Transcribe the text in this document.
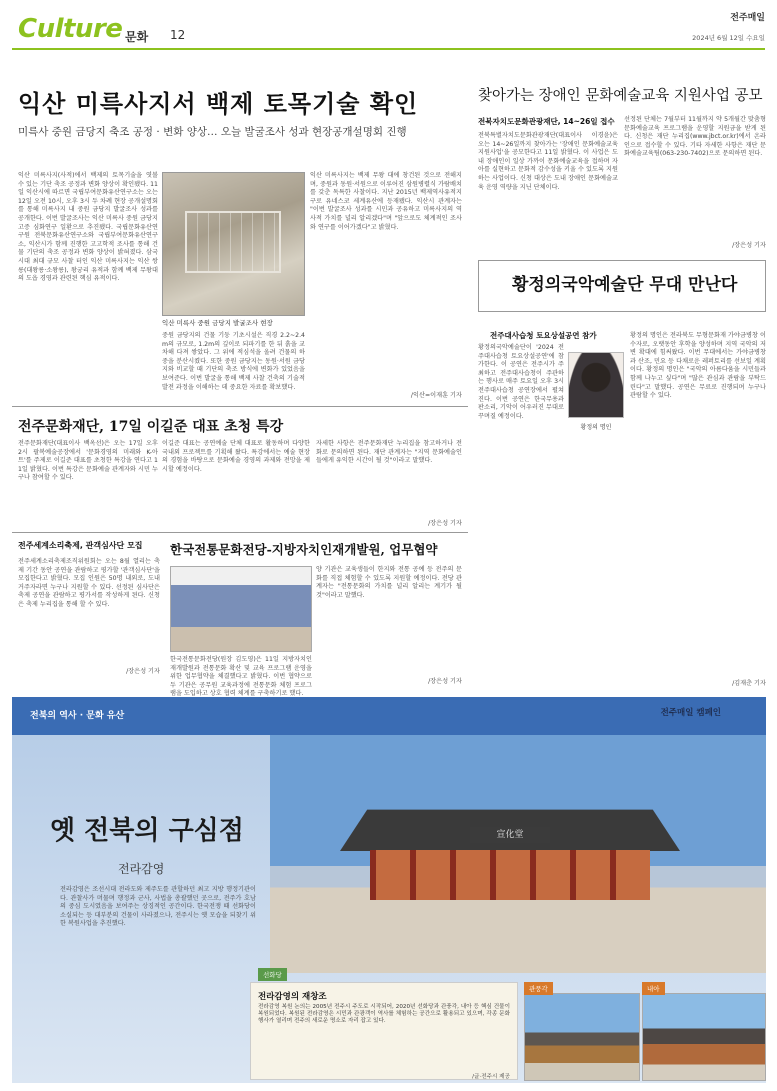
Culture 문화 12
전주매일
2024년 6월 12일 수요일
익산 미륵사지서 백제 토목기술 확인
미륵사 중원 금당지 축조 공정 · 변화 양상… 오늘 발굴조사 성과 현장공개설명회 진행
익산 미륵사지(사적)에서 백제의 토목기술을 엿볼 수 있는 기단 축조 공정과 변화 양상이 확인됐다. 11일 익산시에 따르면 국립부여문화유산연구소는 오는 12일 오전 10시, 오후 3시 두 차례 현장 공개설명회를 통해 미륵사지 내 중원 금당지 발굴조사 성과를 공개한다. 이번 발굴조사는 익산 미륵사 중원 금당지 고증 심화연구 일환으로 추진됐다. 국립문화유산연구원 전북문화유산연구소와 국립부여문화유산연구소, 익산시가 함께 진행한 고고학적 조사를 통해 건물 기단의 축조 공정과 변화 양상이 밝혀졌다. 삼국시대 최대 규모 사찰 터인 익산 미륵사지는 익산 쌍릉(대왕릉·소왕릉), 왕궁리 유적과 함께 백제 무왕대의 도읍 경영과 관련된 핵심 유적이다.
익산 미륵사 중원 금당지 발굴조사 현장
중원 금당지의 건물 기둥 기초시설은 직경 2.2~2.4m의 규모로, 1.2m의 깊이로 되파기를 한 뒤 흙을 교차해 다져 쌓았다. 그 위에 적심석을 올려 건물의 하중을 분산시켰다. 또한 중원 금당지는 동원·서원 금당지와 비교할 때 기단의 축조 방식에 변화가 있었음을 보여준다. 이번 발굴을 통해 백제 사찰 건축의 기술적 발전 과정을 이해하는 데 중요한 자료를 확보했다.
익산 미륵사지는 백제 무왕 대에 창건된 것으로 전해지며, 중원과 동원·서원으로 이루어진 삼원병렬식 가람배치를 갖춘 독특한 사찰이다. 지난 2015년 백제역사유적지구로 유네스코 세계유산에 등재됐다. 익산시 관계자는 "이번 발굴조사 성과를 시민과 공유하고 미륵사지의 역사적 가치를 널리 알리겠다"며 "앞으로도 체계적인 조사와 연구를 이어가겠다"고 밝혔다.
/익산=이재훈 기자
찾아가는 장애인 문화예술교육 지원사업 공모
전북자치도문화관광재단, 14~26일 접수
전북특별자치도문화관광재단(대표이사 이경윤)은 오는 14~26일까지 찾아가는 '장애인 문화예술교육 지원사업'을 공모한다고 11일 밝혔다. 이 사업은 도내 장애인이 일상 가까이 문화예술교육을 접하며 자아를 실현하고 문화적 감수성을 키울 수 있도록 지원하는 사업이다. 신청 대상은 도내 장애인 문화예술교육 운영 역량을 지닌 단체이다.
선정된 단체는 7월부터 11월까지 약 5개월간 맞춤형 문화예술교육 프로그램을 운영할 지원금을 받게 된다. 신청은 재단 누리집(www.jbct.or.kr)에서 온라인으로 접수할 수 있다. 기타 자세한 사항은 재단 문화예술교육팀(063-230-7402)으로 문의하면 된다.
/장은성 기자
황정의국악예술단 무대 만난다
전주대사습청 토요상설공연 참가
황정의국악예술단이 '2024 전주대사습청 토요상설공연'에 참가한다. 이 공연은 전주시가 주최하고 전주대사습청이 주관하는 행사로 매주 토요일 오후 3시 전주대사습청 공연장에서 펼쳐진다. 이번 공연은 한국무용과 판소리, 기악이 어우러진 무대로 꾸며질 예정이다.
황정의 명인
황정의 명인은 전라북도 무형문화재 가야금병창 이수자로, 오랫동안 후학을 양성하며 지역 국악의 저변 확대에 힘써왔다. 이번 무대에서는 가야금병창과 산조, 민요 등 다채로운 레퍼토리를 선보일 계획이다. 황정의 명인은 "국악의 아름다움을 시민들과 함께 나누고 싶다"며 "많은 관심과 관람을 부탁드린다"고 말했다. 공연은 무료로 진행되며 누구나 관람할 수 있다.
/김재춘 기자
전주문화재단, 17일 이길준 대표 초청 특강
전주문화재단(대표이사 백옥선)은 오는 17일 오후 2시 팔복예술공장에서 '문화경영의 미래와 K-아트'를 주제로 이길준 대표를 초청한 특강을 연다고 11일 밝혔다. 이번 특강은 문화예술 관계자와 시민 누구나 참여할 수 있다.
이길준 대표는 공연예술 단체 대표로 활동하며 다양한 국내외 프로젝트를 기획해 왔다. 특강에서는 예술 현장의 경험을 바탕으로 문화예술 경영의 과제와 전망을 제시할 예정이다.
자세한 사항은 전주문화재단 누리집을 참고하거나 전화로 문의하면 된다. 재단 관계자는 "지역 문화예술인들에게 유익한 시간이 될 것"이라고 말했다.
/장은성 기자
전주세계소리축제, 관객심사단 모집
전주세계소리축제조직위원회는 오는 8월 열리는 축제 기간 동안 공연을 관람하고 평가할 '관객심사단'을 모집한다고 밝혔다. 모집 인원은 50명 내외로, 도내 거주자라면 누구나 지원할 수 있다. 선정된 심사단은 축제 공연을 관람하고 평가서를 작성하게 된다. 신청은 축제 누리집을 통해 할 수 있다.
/장은성 기자
한국전통문화전당-지방자치인재개발원, 업무협약
한국전통문화전당(원장 김도영)은 11일 지방자치인재개발원과 전통문화 확산 및 교육 프로그램 운영을 위한 업무협약을 체결했다고 밝혔다. 이번 협약으로 두 기관은 공무원 교육과정에 전통문화 체험 프로그램을 도입하고 상호 협력 체계를 구축하기로 했다.
양 기관은 교육생들이 한지와 전통 공예 등 전주의 문화를 직접 체험할 수 있도록 지원할 예정이다. 전당 관계자는 "전통문화의 가치를 널리 알리는 계기가 될 것"이라고 말했다.
/장은성 기자
전북의 역사 · 문화 유산	전주매일 캠페인
宣化堂
옛 전북의 구심점
전라감영
전라감영은 조선시대 전라도와 제주도를 관할하던 최고 지방 행정기관이다. 관찰사가 머물며 행정과 군사, 사법을 총괄했던 곳으로, 전주가 호남의 중심 도시였음을 보여주는 상징적인 공간이다. 한국전쟁 때 선화당이 소실되는 등 대부분의 건물이 사라졌으나, 전주시는 옛 모습을 되찾기 위한 복원사업을 추진했다.
선화당
전라감영의 재창조
전라감영 복원 논의는 2005년 전주시 주도로 시작되어, 2020년 선화당과 관풍각, 내아 등 핵심 건물이 복원되었다. 복원된 전라감영은 시민과 관광객이 역사를 체험하는 공간으로 활용되고 있으며, 각종 문화행사가 열리며 전주의 새로운 명소로 자리 잡고 있다.
/글·전주시 제공
관풍각	내아
